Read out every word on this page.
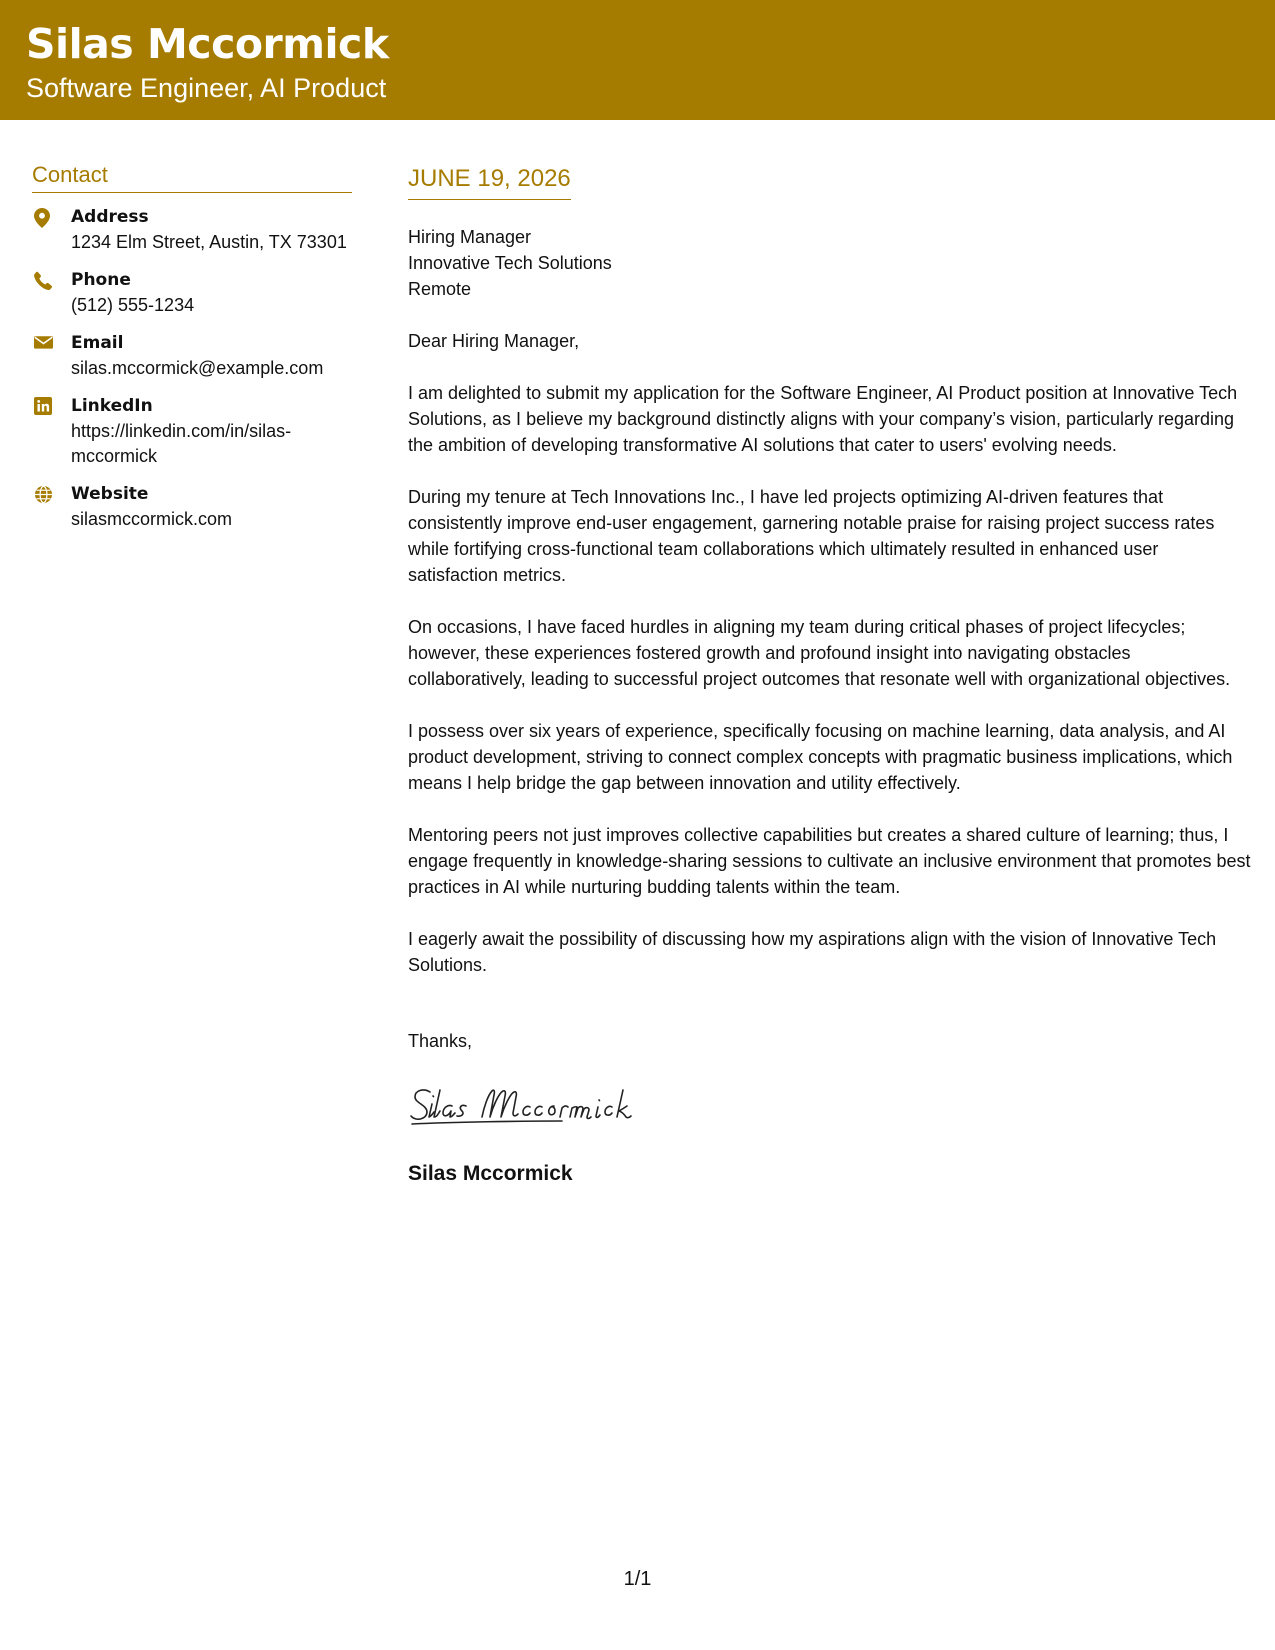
Silas Mccormick
Software Engineer, AI Product
Contact
Address
1234 Elm Street, Austin, TX 73301
Phone
(512) 555-1234
Email
silas.mccormick@example.com
LinkedIn
https://linkedin.com/in/silas-mccormick
Website
silasmccormick.com
JUNE 19, 2026
Hiring Manager
Innovative Tech Solutions
Remote
Dear Hiring Manager,
I am delighted to submit my application for the Software Engineer, AI Product position at Innovative Tech Solutions, as I believe my background distinctly aligns with your company’s vision, particularly regarding the ambition of developing transformative AI solutions that cater to users' evolving needs.
During my tenure at Tech Innovations Inc., I have led projects optimizing AI-driven features that consistently improve end-user engagement, garnering notable praise for raising project success rates while fortifying cross-functional team collaborations which ultimately resulted in enhanced user satisfaction metrics.
On occasions, I have faced hurdles in aligning my team during critical phases of project lifecycles; however, these experiences fostered growth and profound insight into navigating obstacles collaboratively, leading to successful project outcomes that resonate well with organizational objectives.
I possess over six years of experience, specifically focusing on machine learning, data analysis, and AI product development, striving to connect complex concepts with pragmatic business implications, which means I help bridge the gap between innovation and utility effectively.
Mentoring peers not just improves collective capabilities but creates a shared culture of learning; thus, I engage frequently in knowledge-sharing sessions to cultivate an inclusive environment that promotes best practices in AI while nurturing budding talents within the team.
I eagerly await the possibility of discussing how my aspirations align with the vision of Innovative Tech Solutions.
Thanks,
Silas Mccormick
1/1
